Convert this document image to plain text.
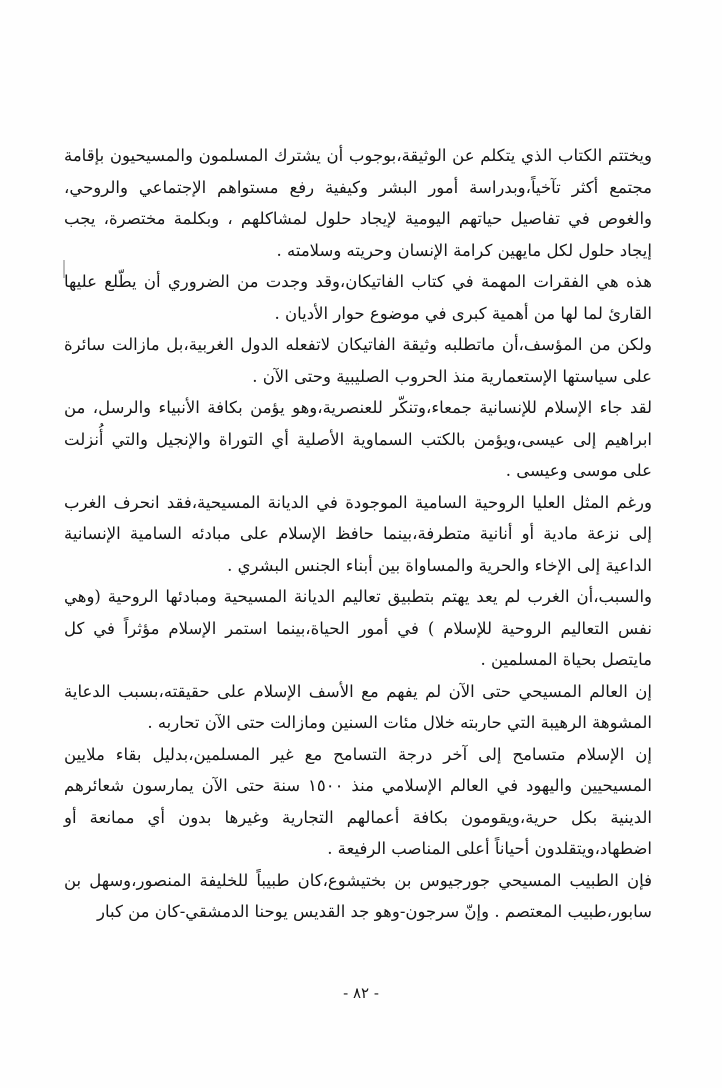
ويختتم الكتاب الذي يتكلم عن الوثيقة،بوجوب أن يشترك المسلمون والمسيحيون بإقامة مجتمع أكثر تآخياً،وبدراسة أمور البشر وكيفية رفع مستواهم الإجتماعي والروحي، والغوص في تفاصيل حياتهم اليومية لإيجاد حلول لمشاكلهم ، وبكلمة مختصرة، يجب إيجاد حلول لكل مايهين كرامة الإنسان وحريته وسلامته .

هذه هي الفقرات المهمة في كتاب الفاتيكان،وقد وجدت من الضروري أن يطّلع عليها القارئ لما لها من أهمية كبرى في موضوع حوار الأديان .

ولكن من المؤسف،أن ماتطلبه وثيقة الفاتيكان لاتفعله الدول الغربية،بل مازالت سائرة على سياستها الإستعمارية منذ الحروب الصليبية وحتى الآن .

لقد جاء الإسلام للإنسانية جمعاء،وتنكّر للعنصرية،وهو يؤمن بكافة الأنبياء والرسل، من ابراهيم إلى عيسى،ويؤمن بالكتب السماوية الأصلية أي التوراة والإنجيل والتي أُنزلت على موسى وعيسى .

ورغم المثل العليا الروحية السامية الموجودة في الديانة المسيحية،فقد انحرف الغرب إلى نزعة مادية أو أنانية متطرفة،بينما حافظ الإسلام على مبادئه السامية الإنسانية الداعية إلى الإخاء والحرية والمساواة بين أبناء الجنس البشري .

والسبب،أن الغرب لم يعد يهتم بتطبيق تعاليم الديانة المسيحية ومبادئها الروحية (وهي نفس التعاليم الروحية للإسلام ) في أمور الحياة،بينما استمر الإسلام مؤثراً في كل مايتصل بحياة المسلمين .

إن العالم المسيحي حتى الآن لم يفهم مع الأسف الإسلام على حقيقته،بسبب الدعاية المشوهة الرهيبة التي حاربته خلال مئات السنين ومازالت حتى الآن تحاربه .

إن الإسلام متسامح إلى آخر درجة التسامح مع غير المسلمين،بدليل بقاء ملايين المسيحيين واليهود في العالم الإسلامي منذ ١٥٠٠ سنة حتى الآن يمارسون شعائرهم الدينية بكل حرية،ويقومون بكافة أعمالهم التجارية وغيرها بدون أي ممانعة أو اضطهاد،ويتقلدون أحياناً أعلى المناصب الرفيعة .

فإن الطبيب المسيحي جورجيوس بن بختيشوع،كان طبيباً للخليفة المنصور،وسهل بن سابور،طبيب المعتصم . وإنّ سرجون-وهو جد القديس يوحنا الدمشقي-كان من كبار

- ٨٢ -
